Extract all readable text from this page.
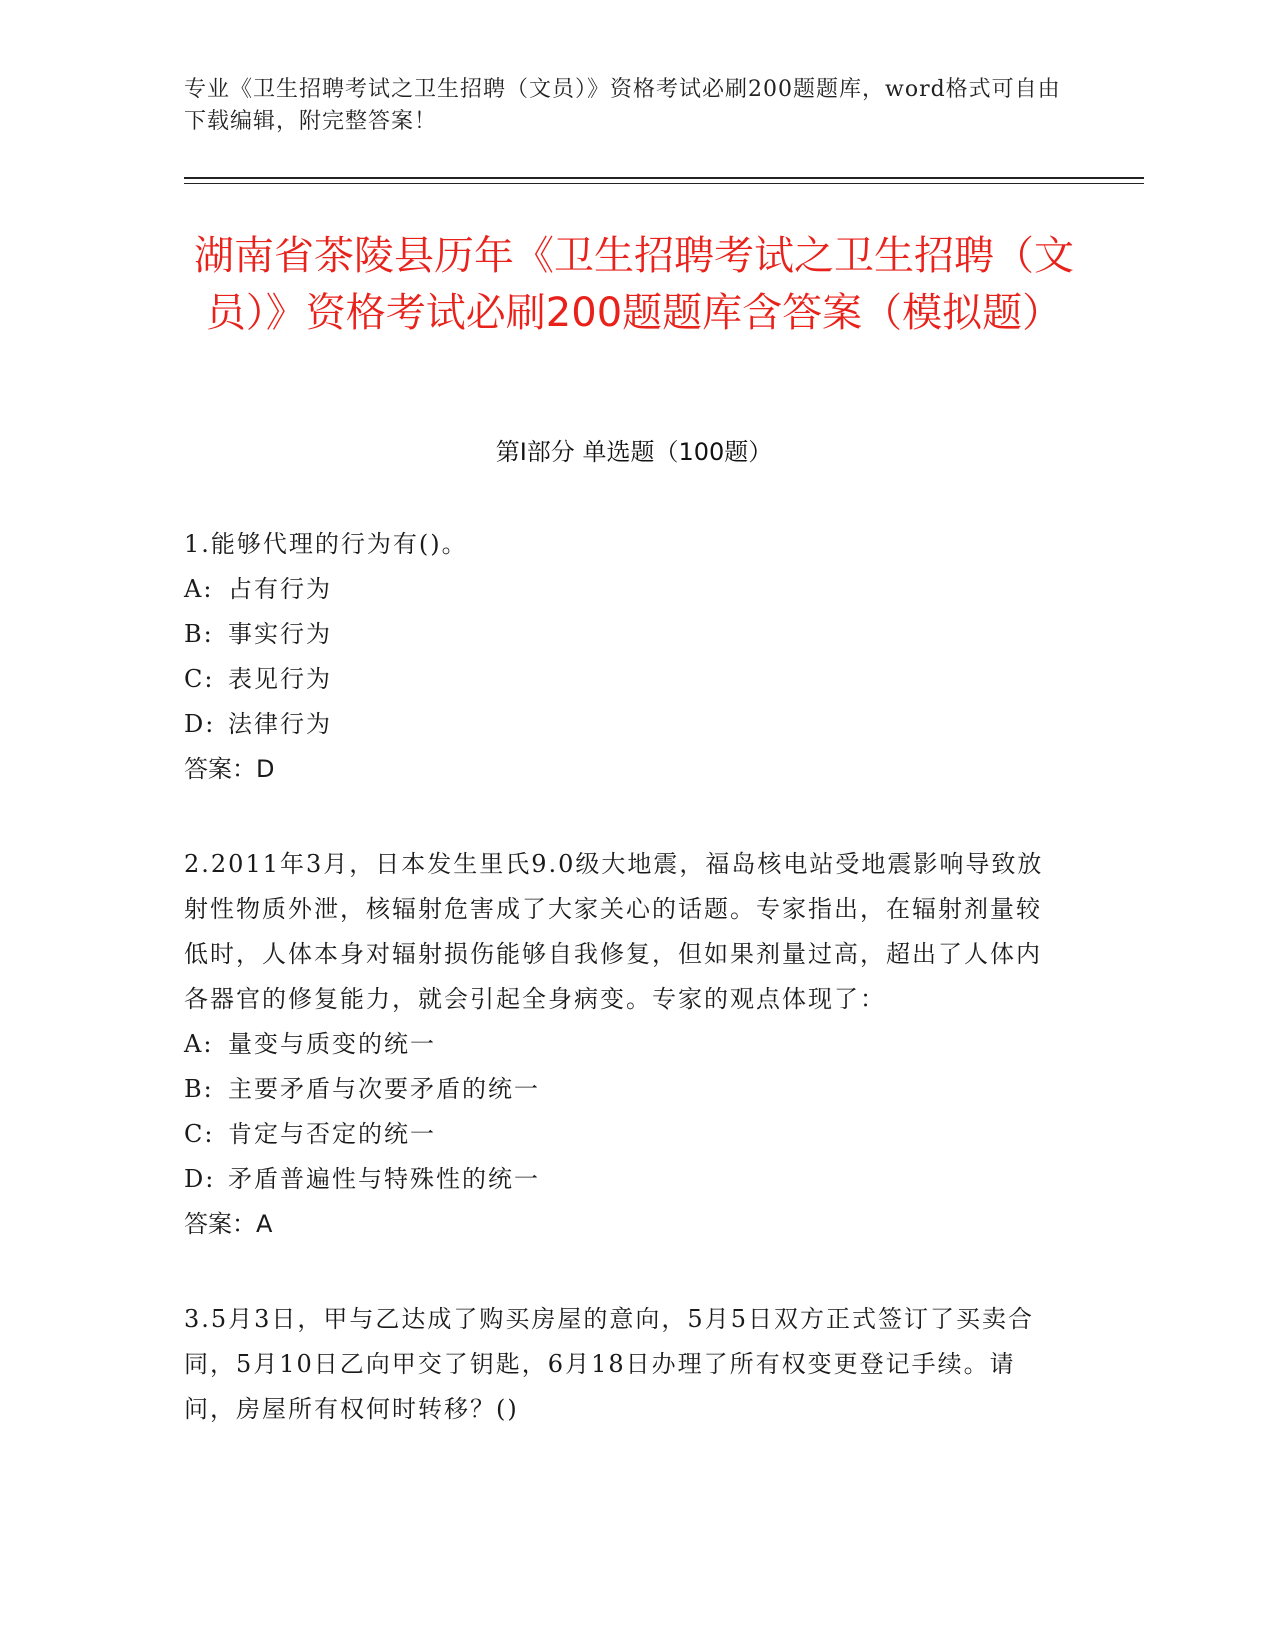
专业《卫生招聘考试之卫生招聘（文员）》资格考试必刷200题题库，word格式可自由下载编辑，附完整答案！
湖南省茶陵县历年《卫生招聘考试之卫生招聘（文员）》资格考试必刷200题题库含答案（模拟题）
第Ⅰ部分 单选题（100题）

1.能够代理的行为有()。

A: 占有行为

B: 事实行为

C: 表见行为

D: 法律行为

答案：D

2.2011年3月，日本发生里氏9.0级大地震，福岛核电站受地震影响导致放射性物质外泄，核辐射危害成了大家关心的话题。专家指出，在辐射剂量较低时，人体本身对辐射损伤能够自我修复，但如果剂量过高，超出了人体内各器官的修复能力，就会引起全身病变。专家的观点体现了：

A: 量变与质变的统一

B: 主要矛盾与次要矛盾的统一

C: 肯定与否定的统一

D: 矛盾普遍性与特殊性的统一

答案：A

3.5月3日，甲与乙达成了购买房屋的意向，5月5日双方正式签订了买卖合同，5月10日乙向甲交了钥匙，6月18日办理了所有权变更登记手续。请问，房屋所有权何时转移？()
